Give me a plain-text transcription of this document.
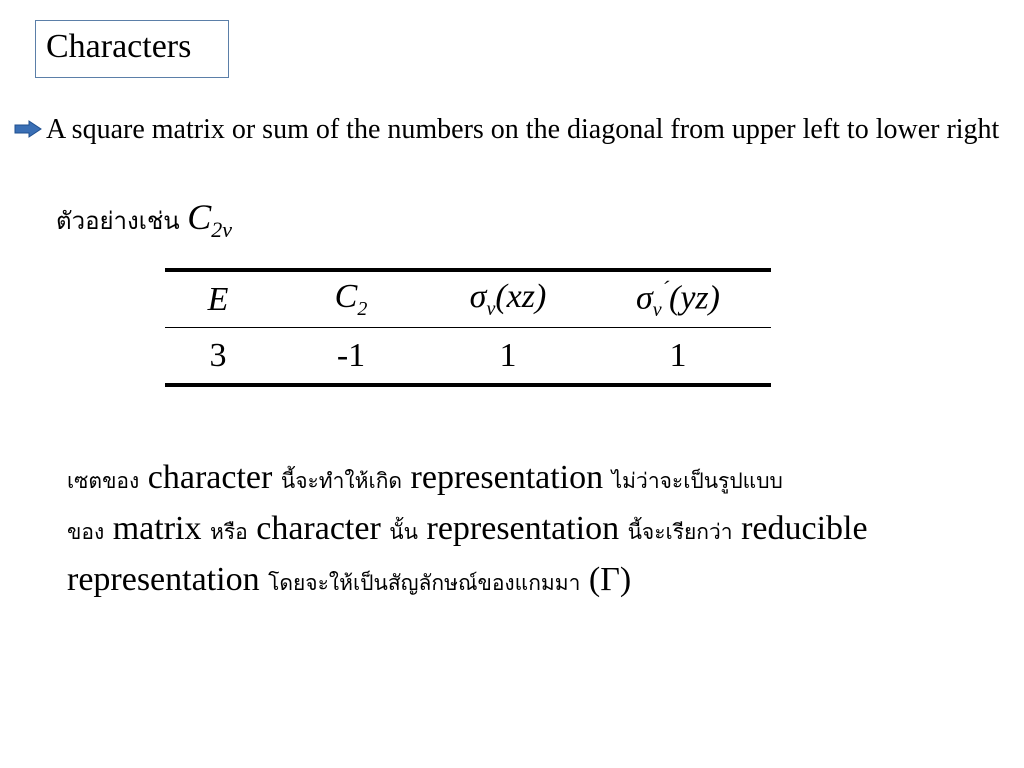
Characters
A square matrix or sum of the numbers on the diagonal from upper left to lower right
ตัวอย่างเช่น $C_{2v}$
E	$C_2$	$\sigma_v(xz)$	$\sigma_v^´(yz)$
3	-1	1	1
เซตของ character นี้จะทำให้เกิด representation ไม่ว่าจะเป็นรูปแบบ
ของ matrix หรือ character นั้น representation นี้จะเรียกว่า reducible
representation โดยจะให้เป็นสัญลักษณ์ของแกมมา (Γ)
